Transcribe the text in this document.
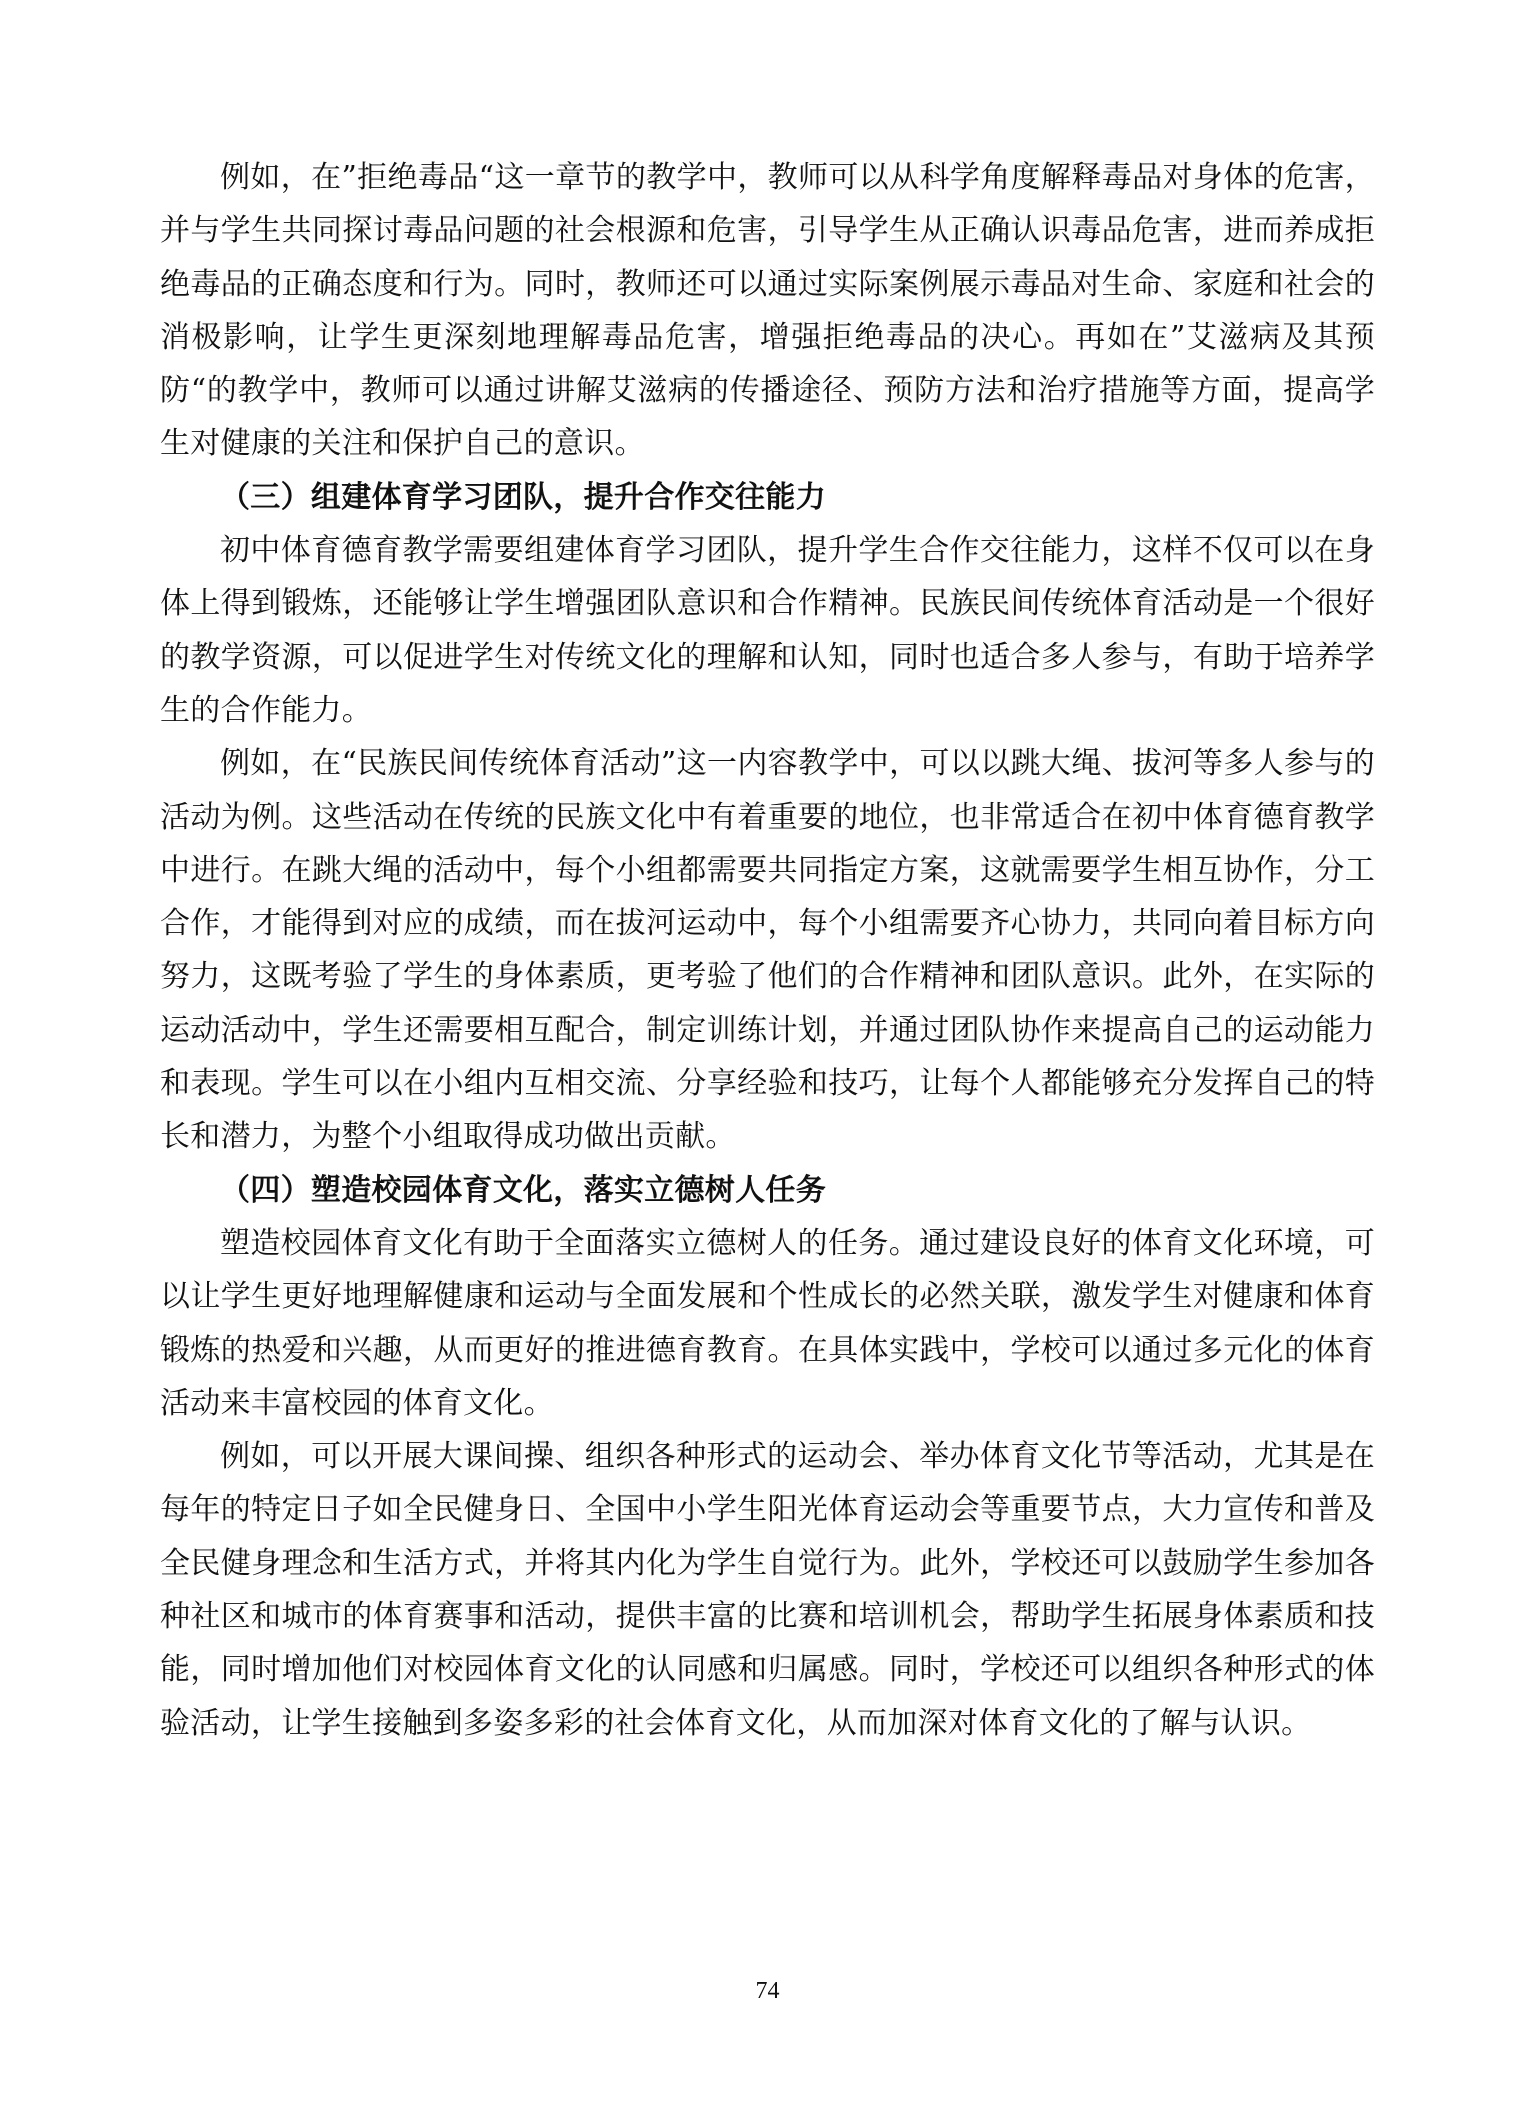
例如，在”拒绝毒品“这一章节的教学中，教师可以从科学角度解释毒品对身体的危害，并与学生共同探讨毒品问题的社会根源和危害，引导学生从正确认识毒品危害，进而养成拒绝毒品的正确态度和行为。同时，教师还可以通过实际案例展示毒品对生命、家庭和社会的消极影响，让学生更深刻地理解毒品危害，增强拒绝毒品的决心。再如在”艾滋病及其预防“的教学中，教师可以通过讲解艾滋病的传播途径、预防方法和治疗措施等方面，提高学生对健康的关注和保护自己的意识。

（三）组建体育学习团队，提升合作交往能力

初中体育德育教学需要组建体育学习团队，提升学生合作交往能力，这样不仅可以在身体上得到锻炼，还能够让学生增强团队意识和合作精神。民族民间传统体育活动是一个很好的教学资源，可以促进学生对传统文化的理解和认知，同时也适合多人参与，有助于培养学生的合作能力。

例如，在“民族民间传统体育活动”这一内容教学中，可以以跳大绳、拔河等多人参与的活动为例。这些活动在传统的民族文化中有着重要的地位，也非常适合在初中体育德育教学中进行。在跳大绳的活动中，每个小组都需要共同指定方案，这就需要学生相互协作，分工合作，才能得到对应的成绩，而在拔河运动中，每个小组需要齐心协力，共同向着目标方向努力，这既考验了学生的身体素质，更考验了他们的合作精神和团队意识。此外，在实际的运动活动中，学生还需要相互配合，制定训练计划，并通过团队协作来提高自己的运动能力和表现。学生可以在小组内互相交流、分享经验和技巧，让每个人都能够充分发挥自己的特长和潜力，为整个小组取得成功做出贡献。

（四）塑造校园体育文化，落实立德树人任务

塑造校园体育文化有助于全面落实立德树人的任务。通过建设良好的体育文化环境，可以让学生更好地理解健康和运动与全面发展和个性成长的必然关联，激发学生对健康和体育锻炼的热爱和兴趣，从而更好的推进德育教育。在具体实践中，学校可以通过多元化的体育活动来丰富校园的体育文化。

例如，可以开展大课间操、组织各种形式的运动会、举办体育文化节等活动，尤其是在每年的特定日子如全民健身日、全国中小学生阳光体育运动会等重要节点，大力宣传和普及全民健身理念和生活方式，并将其内化为学生自觉行为。此外，学校还可以鼓励学生参加各种社区和城市的体育赛事和活动，提供丰富的比赛和培训机会，帮助学生拓展身体素质和技能，同时增加他们对校园体育文化的认同感和归属感。同时，学校还可以组织各种形式的体验活动，让学生接触到多姿多彩的社会体育文化，从而加深对体育文化的了解与认识。

74
